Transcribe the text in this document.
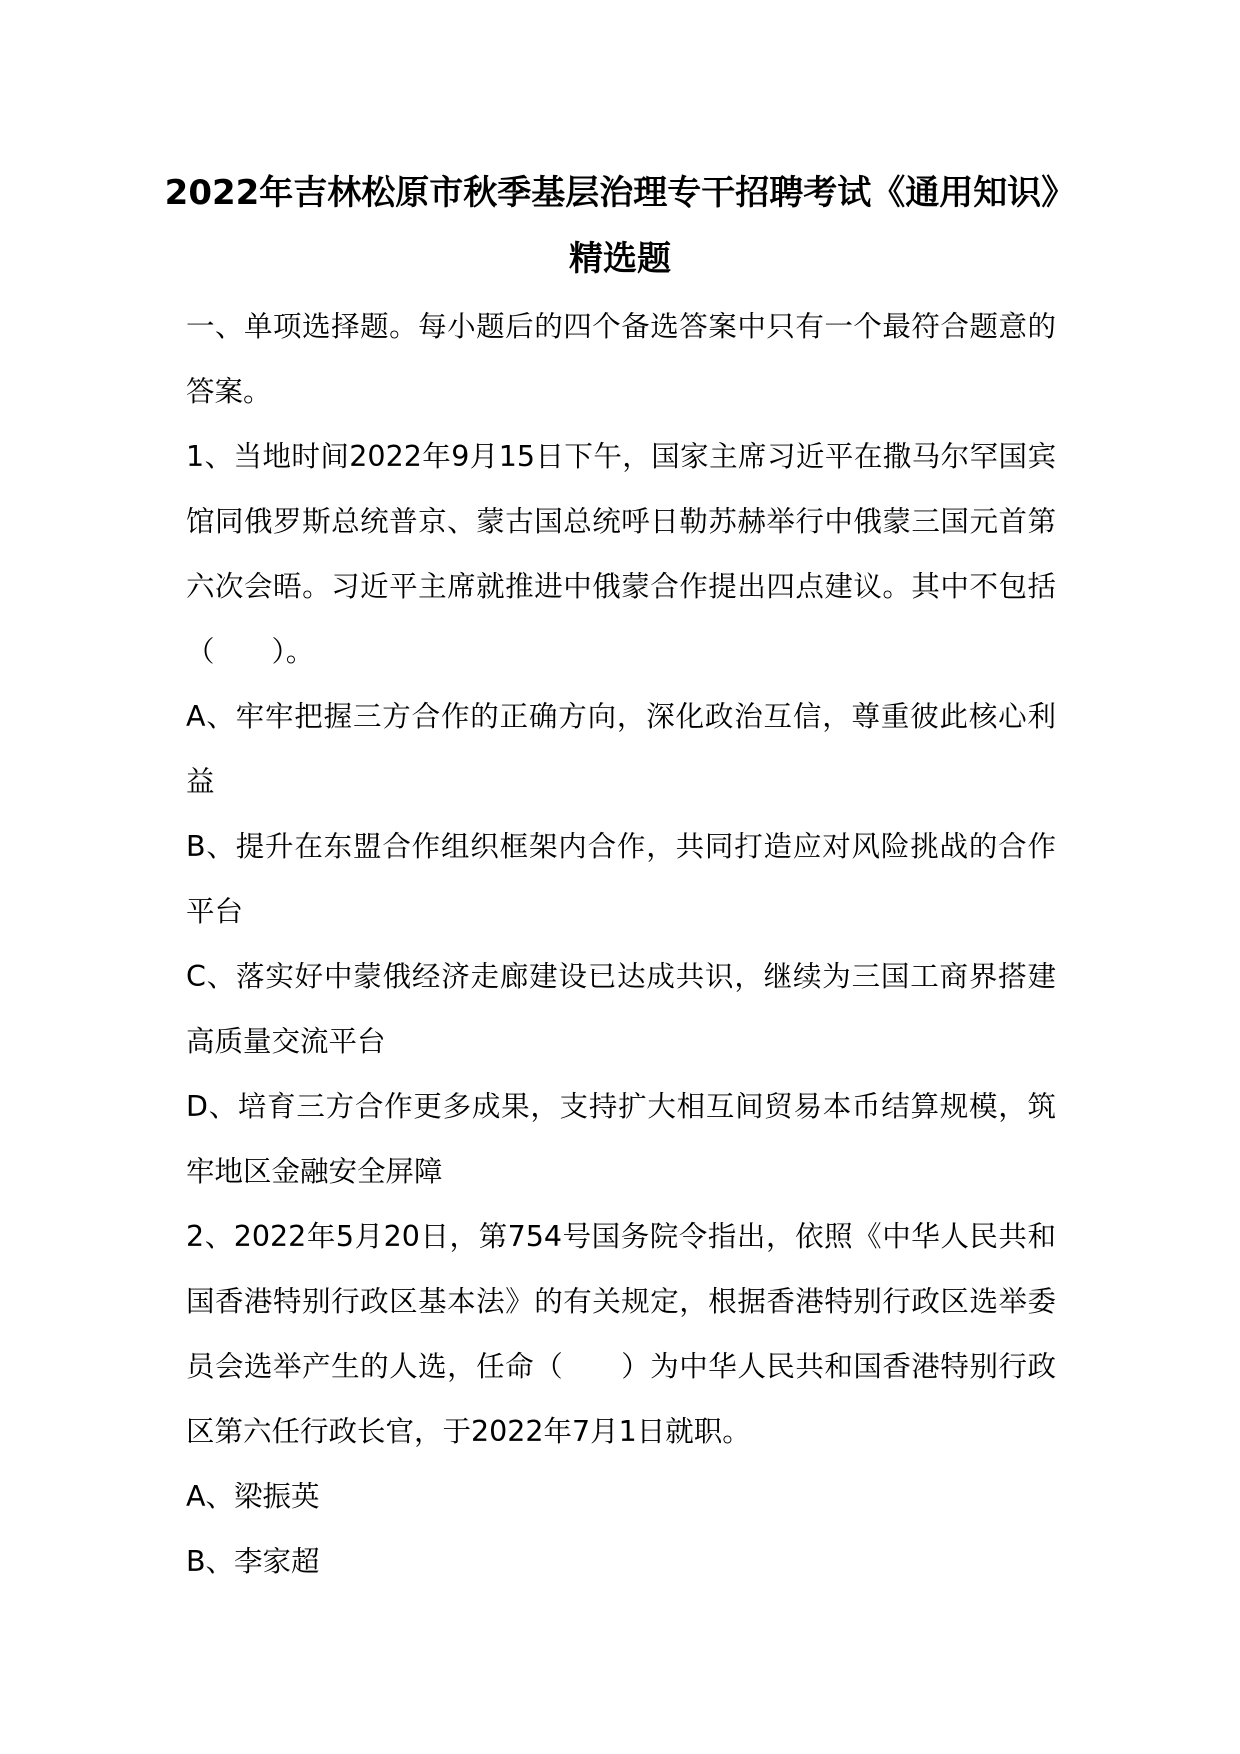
2022年吉林松原市秋季基层治理专干招聘考试《通用知识》精选题

一、单项选择题。每小题后的四个备选答案中只有一个最符合题意的答案。

1、当地时间2022年9月15日下午，国家主席习近平在撒马尔罕国宾馆同俄罗斯总统普京、蒙古国总统呼日勒苏赫举行中俄蒙三国元首第六次会晤。习近平主席就推进中俄蒙合作提出四点建议。其中不包括（　　）。

A、牢牢把握三方合作的正确方向，深化政治互信，尊重彼此核心利益

B、提升在东盟合作组织框架内合作，共同打造应对风险挑战的合作平台

C、落实好中蒙俄经济走廊建设已达成共识，继续为三国工商界搭建高质量交流平台

D、培育三方合作更多成果，支持扩大相互间贸易本币结算规模，筑牢地区金融安全屏障

2、2022年5月20日，第754号国务院令指出，依照《中华人民共和国香港特别行政区基本法》的有关规定，根据香港特别行政区选举委员会选举产生的人选，任命（　　）为中华人民共和国香港特别行政区第六任行政长官，于2022年7月1日就职。

A、梁振英

B、李家超
